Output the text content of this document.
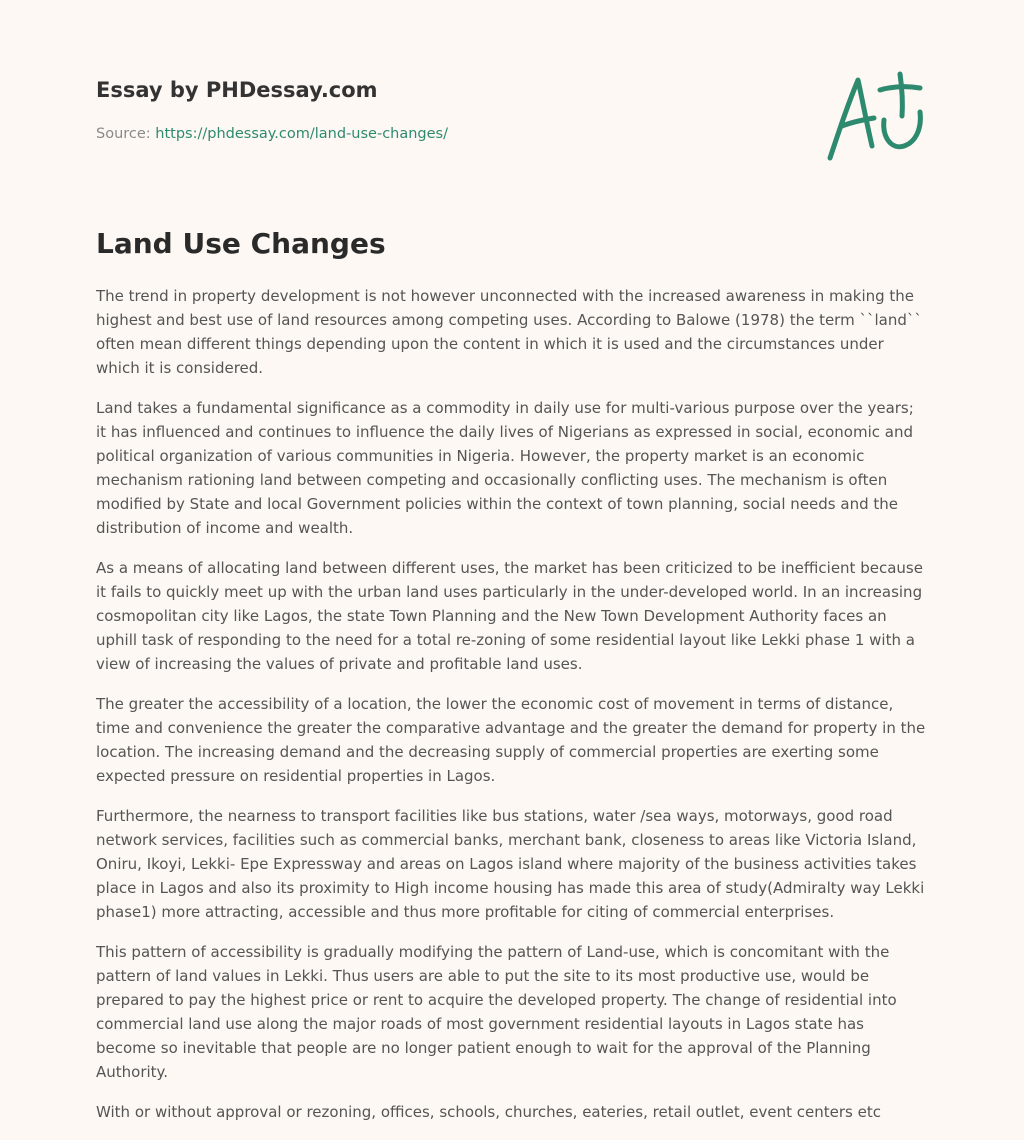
Essay by PHDessay.com
Source: https://phdessay.com/land-use-changes/
Land Use Changes

The trend in property development is not however unconnected with the increased awareness in making the highest and best use of land resources among competing uses. According to Balowe (1978) the term ``land`` often mean different things depending upon the content in which it is used and the circumstances under which it is considered.

Land takes a fundamental significance as a commodity in daily use for multi-various purpose over the years; it has influenced and continues to influence the daily lives of Nigerians as expressed in social, economic and political organization of various communities in Nigeria. However, the property market is an economic mechanism rationing land between competing and occasionally conflicting uses. The mechanism is often modified by State and local Government policies within the context of town planning, social needs and the distribution of income and wealth.

As a means of allocating land between different uses, the market has been criticized to be inefficient because it fails to quickly meet up with the urban land uses particularly in the under-developed world. In an increasing cosmopolitan city like Lagos, the state Town Planning and the New Town Development Authority faces an uphill task of responding to the need for a total re-zoning of some residential layout like Lekki phase 1 with a view of increasing the values of private and profitable land uses.

The greater the accessibility of a location, the lower the economic cost of movement in terms of distance, time and convenience the greater the comparative advantage and the greater the demand for property in the location. The increasing demand and the decreasing supply of commercial properties are exerting some expected pressure on residential properties in Lagos.

Furthermore, the nearness to transport facilities like bus stations, water /sea ways, motorways, good road network services, facilities such as commercial banks, merchant bank, closeness to areas like Victoria Island, Oniru, Ikoyi, Lekki- Epe Expressway and areas on Lagos island where majority of the business activities takes place in Lagos and also its proximity to High income housing has made this area of study(Admiralty way Lekki phase1) more attracting, accessible and thus more profitable for citing of commercial enterprises.

This pattern of accessibility is gradually modifying the pattern of Land-use, which is concomitant with the pattern of land values in Lekki. Thus users are able to put the site to its most productive use, would be prepared to pay the highest price or rent to acquire the developed property. The change of residential into commercial land use along the major roads of most government residential layouts in Lagos state has become so inevitable that people are no longer patient enough to wait for the approval of the Planning Authority.

With or without approval or rezoning, offices, schools, churches, eateries, retail outlet, event centers etc
